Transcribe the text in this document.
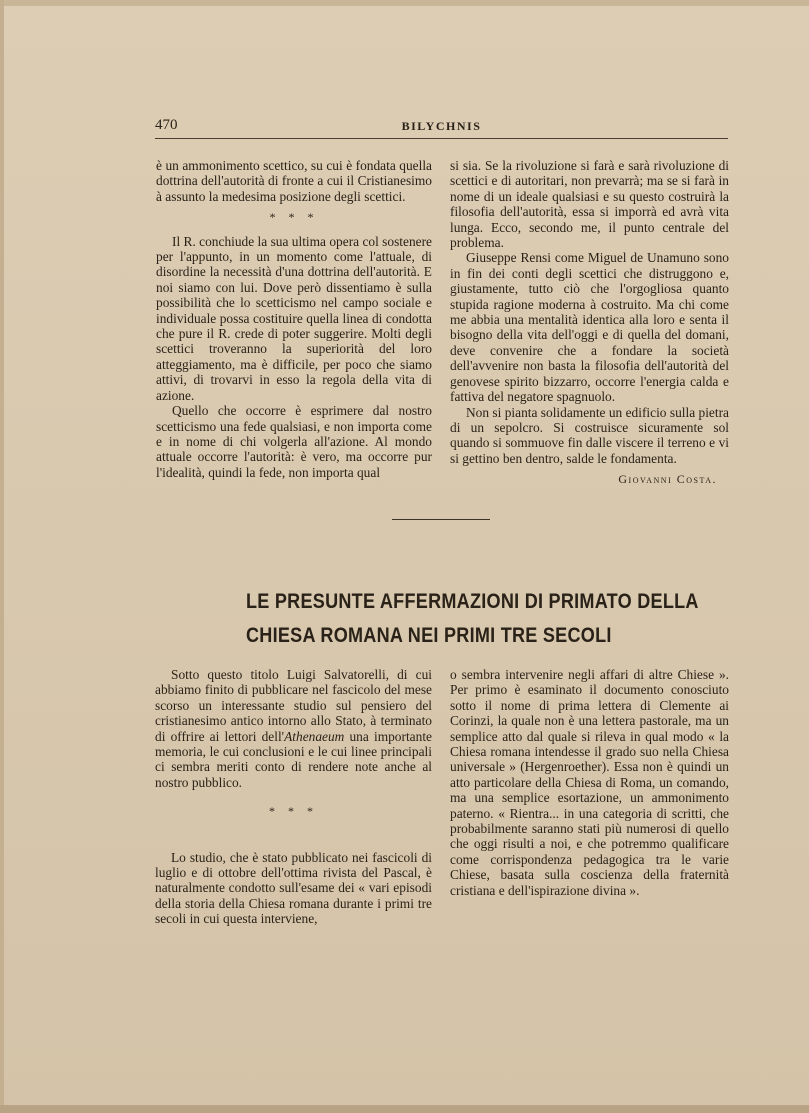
470	BILYCHNIS

è un ammonimento scettico, su cui è fondata quella dottrina dell'autorità di fronte a cui il Cristianesimo à assunto la medesima posizione degli scettici.

* * *

Il R. conchiude la sua ultima opera col sostenere per l'appunto, in un momento come l'attuale, di disordine la necessità d'una dottrina dell'autorità. E noi siamo con lui. Dove però dissentiamo è sulla possibilità che lo scetticismo nel campo sociale e individuale possa costituire quella linea di condotta che pure il R. crede di poter suggerire. Molti degli scettici troveranno la superiorità del loro atteggiamento, ma è difficile, per poco che siamo attivi, di trovarvi in esso la regola della vita di azione.

Quello che occorre è esprimere dal nostro scetticismo una fede qualsiasi, e non importa come e in nome di chi volgerla all'azione. Al mondo attuale occorre l'autorità: è vero, ma occorre pur l'idealità, quindi la fede, non importa qual

si sia. Se la rivoluzione si farà e sarà rivoluzione di scettici e di autoritari, non prevarrà; ma se si farà in nome di un ideale qualsiasi e su questo costruirà la filosofia dell'autorità, essa si imporrà ed avrà vita lunga. Ecco, secondo me, il punto centrale del problema.

Giuseppe Rensi come Miguel de Unamuno sono in fin dei conti degli scettici che distruggono e, giustamente, tutto ciò che l'orgogliosa quanto stupida ragione moderna à costruito. Ma chi come me abbia una mentalità identica alla loro e senta il bisogno della vita dell'oggi e di quella del domani, deve convenire che a fondare la società dell'avvenire non basta la filosofia dell'autorità del genovese spirito bizzarro, occorre l'energia calda e fattiva del negatore spagnuolo.

Non si pianta solidamente un edificio sulla pietra di un sepolcro. Si costruisce sicuramente sol quando si sommuove fin dalle viscere il terreno e vi si gettino ben dentro, salde le fondamenta.

Giovanni Costa.
LE PRESUNTE AFFERMAZIONI DI PRIMATO DELLA
CHIESA ROMANA NEI PRIMI TRE SECOLI

Sotto questo titolo Luigi Salvatorelli, di cui abbiamo finito di pubblicare nel fascicolo del mese scorso un interessante studio sul pensiero del cristianesimo antico intorno allo Stato, à terminato di offrire ai lettori dell'Athenaeum una importante memoria, le cui conclusioni e le cui linee principali ci sembra meriti conto di rendere note anche al nostro pubblico.

* * *

Lo studio, che è stato pubblicato nei fascicoli di luglio e di ottobre dell'ottima rivista del Pascal, è naturalmente condotto sull'esame dei « vari episodi della storia della Chiesa romana durante i primi tre secoli in cui questa interviene,

o sembra intervenire negli affari di altre Chiese ». Per primo è esaminato il documento conosciuto sotto il nome di prima lettera di Clemente ai Corinzi, la quale non è una lettera pastorale, ma un semplice atto dal quale si rileva in qual modo « la Chiesa romana intendesse il grado suo nella Chiesa universale » (Hergenroether). Essa non è quindi un atto particolare della Chiesa di Roma, un comando, ma una semplice esortazione, un ammonimento paterno. « Rientra... in una categoria di scritti, che probabilmente saranno stati più numerosi di quello che oggi risulti a noi, e che potremmo qualificare come corrispondenza pedagogica tra le varie Chiese, basata sulla coscienza della fraternità cristiana e dell'ispirazione divina ».
